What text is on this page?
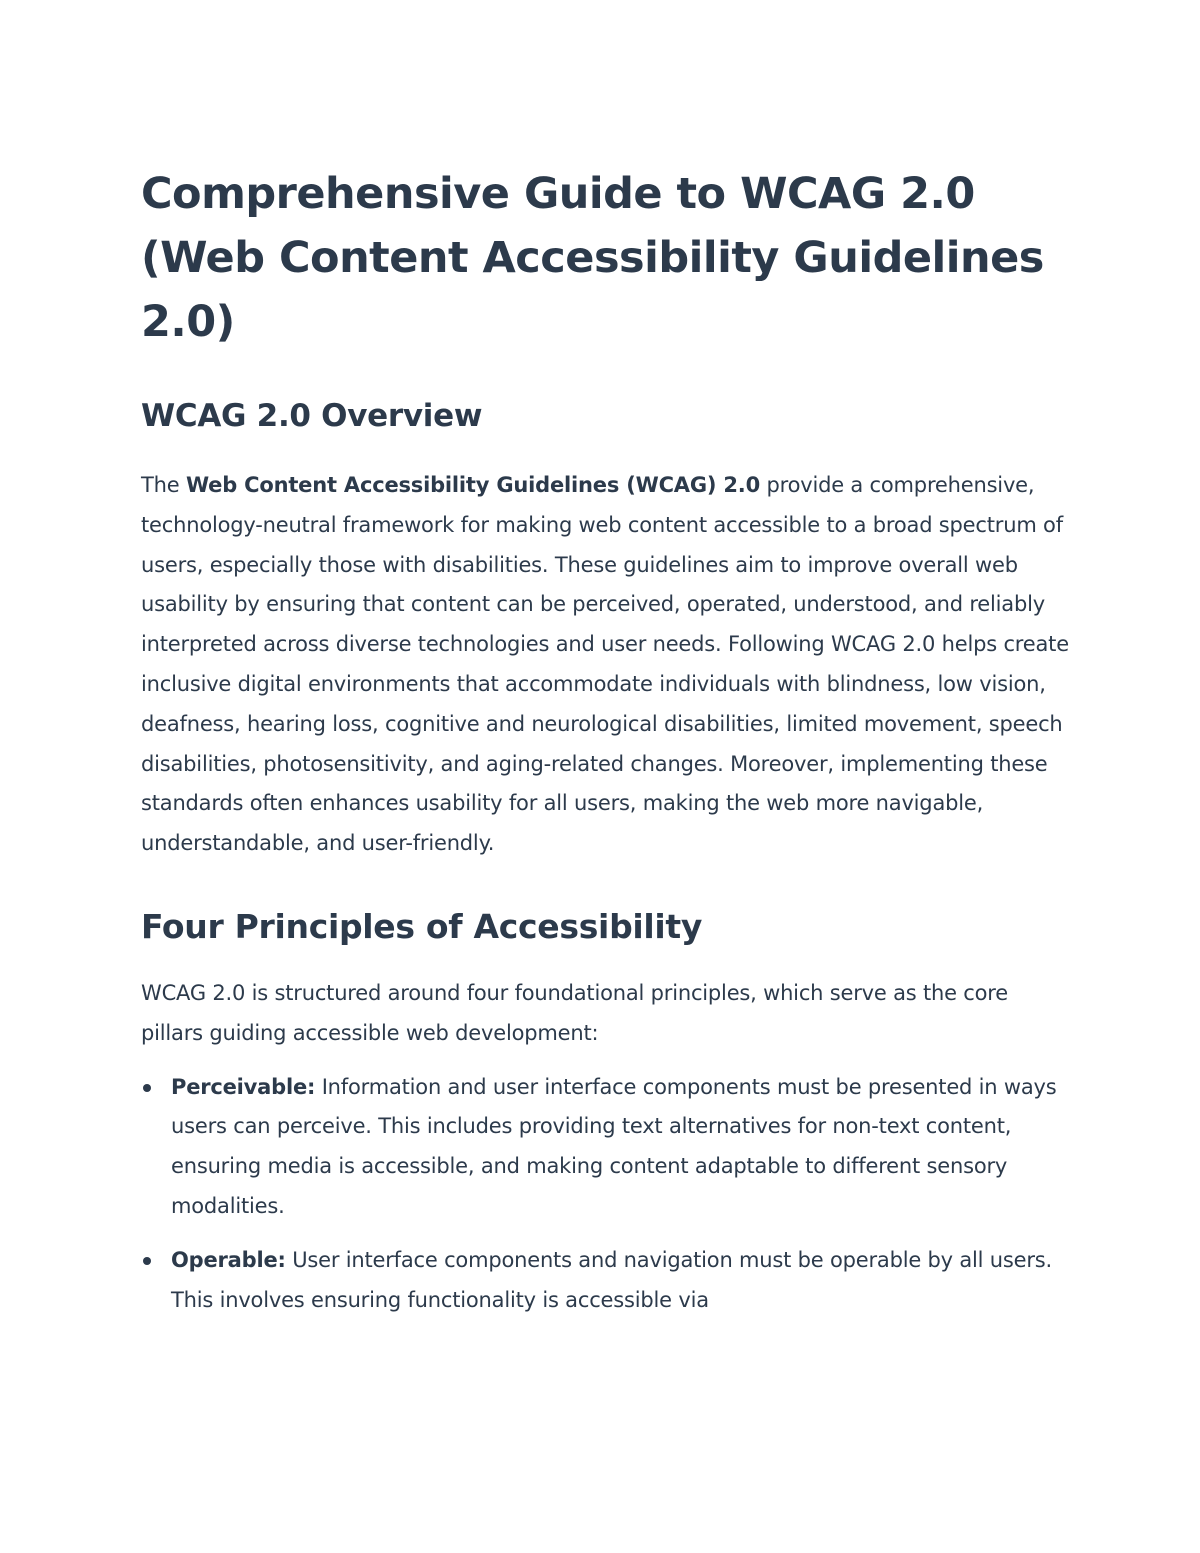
Comprehensive Guide to WCAG 2.0 (Web Content Accessibility Guidelines 2.0)
WCAG 2.0 Overview

The Web Content Accessibility Guidelines (WCAG) 2.0 provide a comprehensive, technology-neutral framework for making web content accessible to a broad spectrum of users, especially those with disabilities. These guidelines aim to improve overall web usability by ensuring that content can be perceived, operated, understood, and reliably interpreted across diverse technologies and user needs. Following WCAG 2.0 helps create inclusive digital environments that accommodate individuals with blindness, low vision, deafness, hearing loss, cognitive and neurological disabilities, limited movement, speech disabilities, photosensitivity, and aging-related changes. Moreover, implementing these standards often enhances usability for all users, making the web more navigable, understandable, and user-friendly.

Four Principles of Accessibility

WCAG 2.0 is structured around four foundational principles, which serve as the core pillars guiding accessible web development:

Perceivable: Information and user interface components must be presented in ways users can perceive. This includes providing text alternatives for non-text content, ensuring media is accessible, and making content adaptable to different sensory modalities.
Operable: User interface components and navigation must be operable by all users. This involves ensuring functionality is accessible via
